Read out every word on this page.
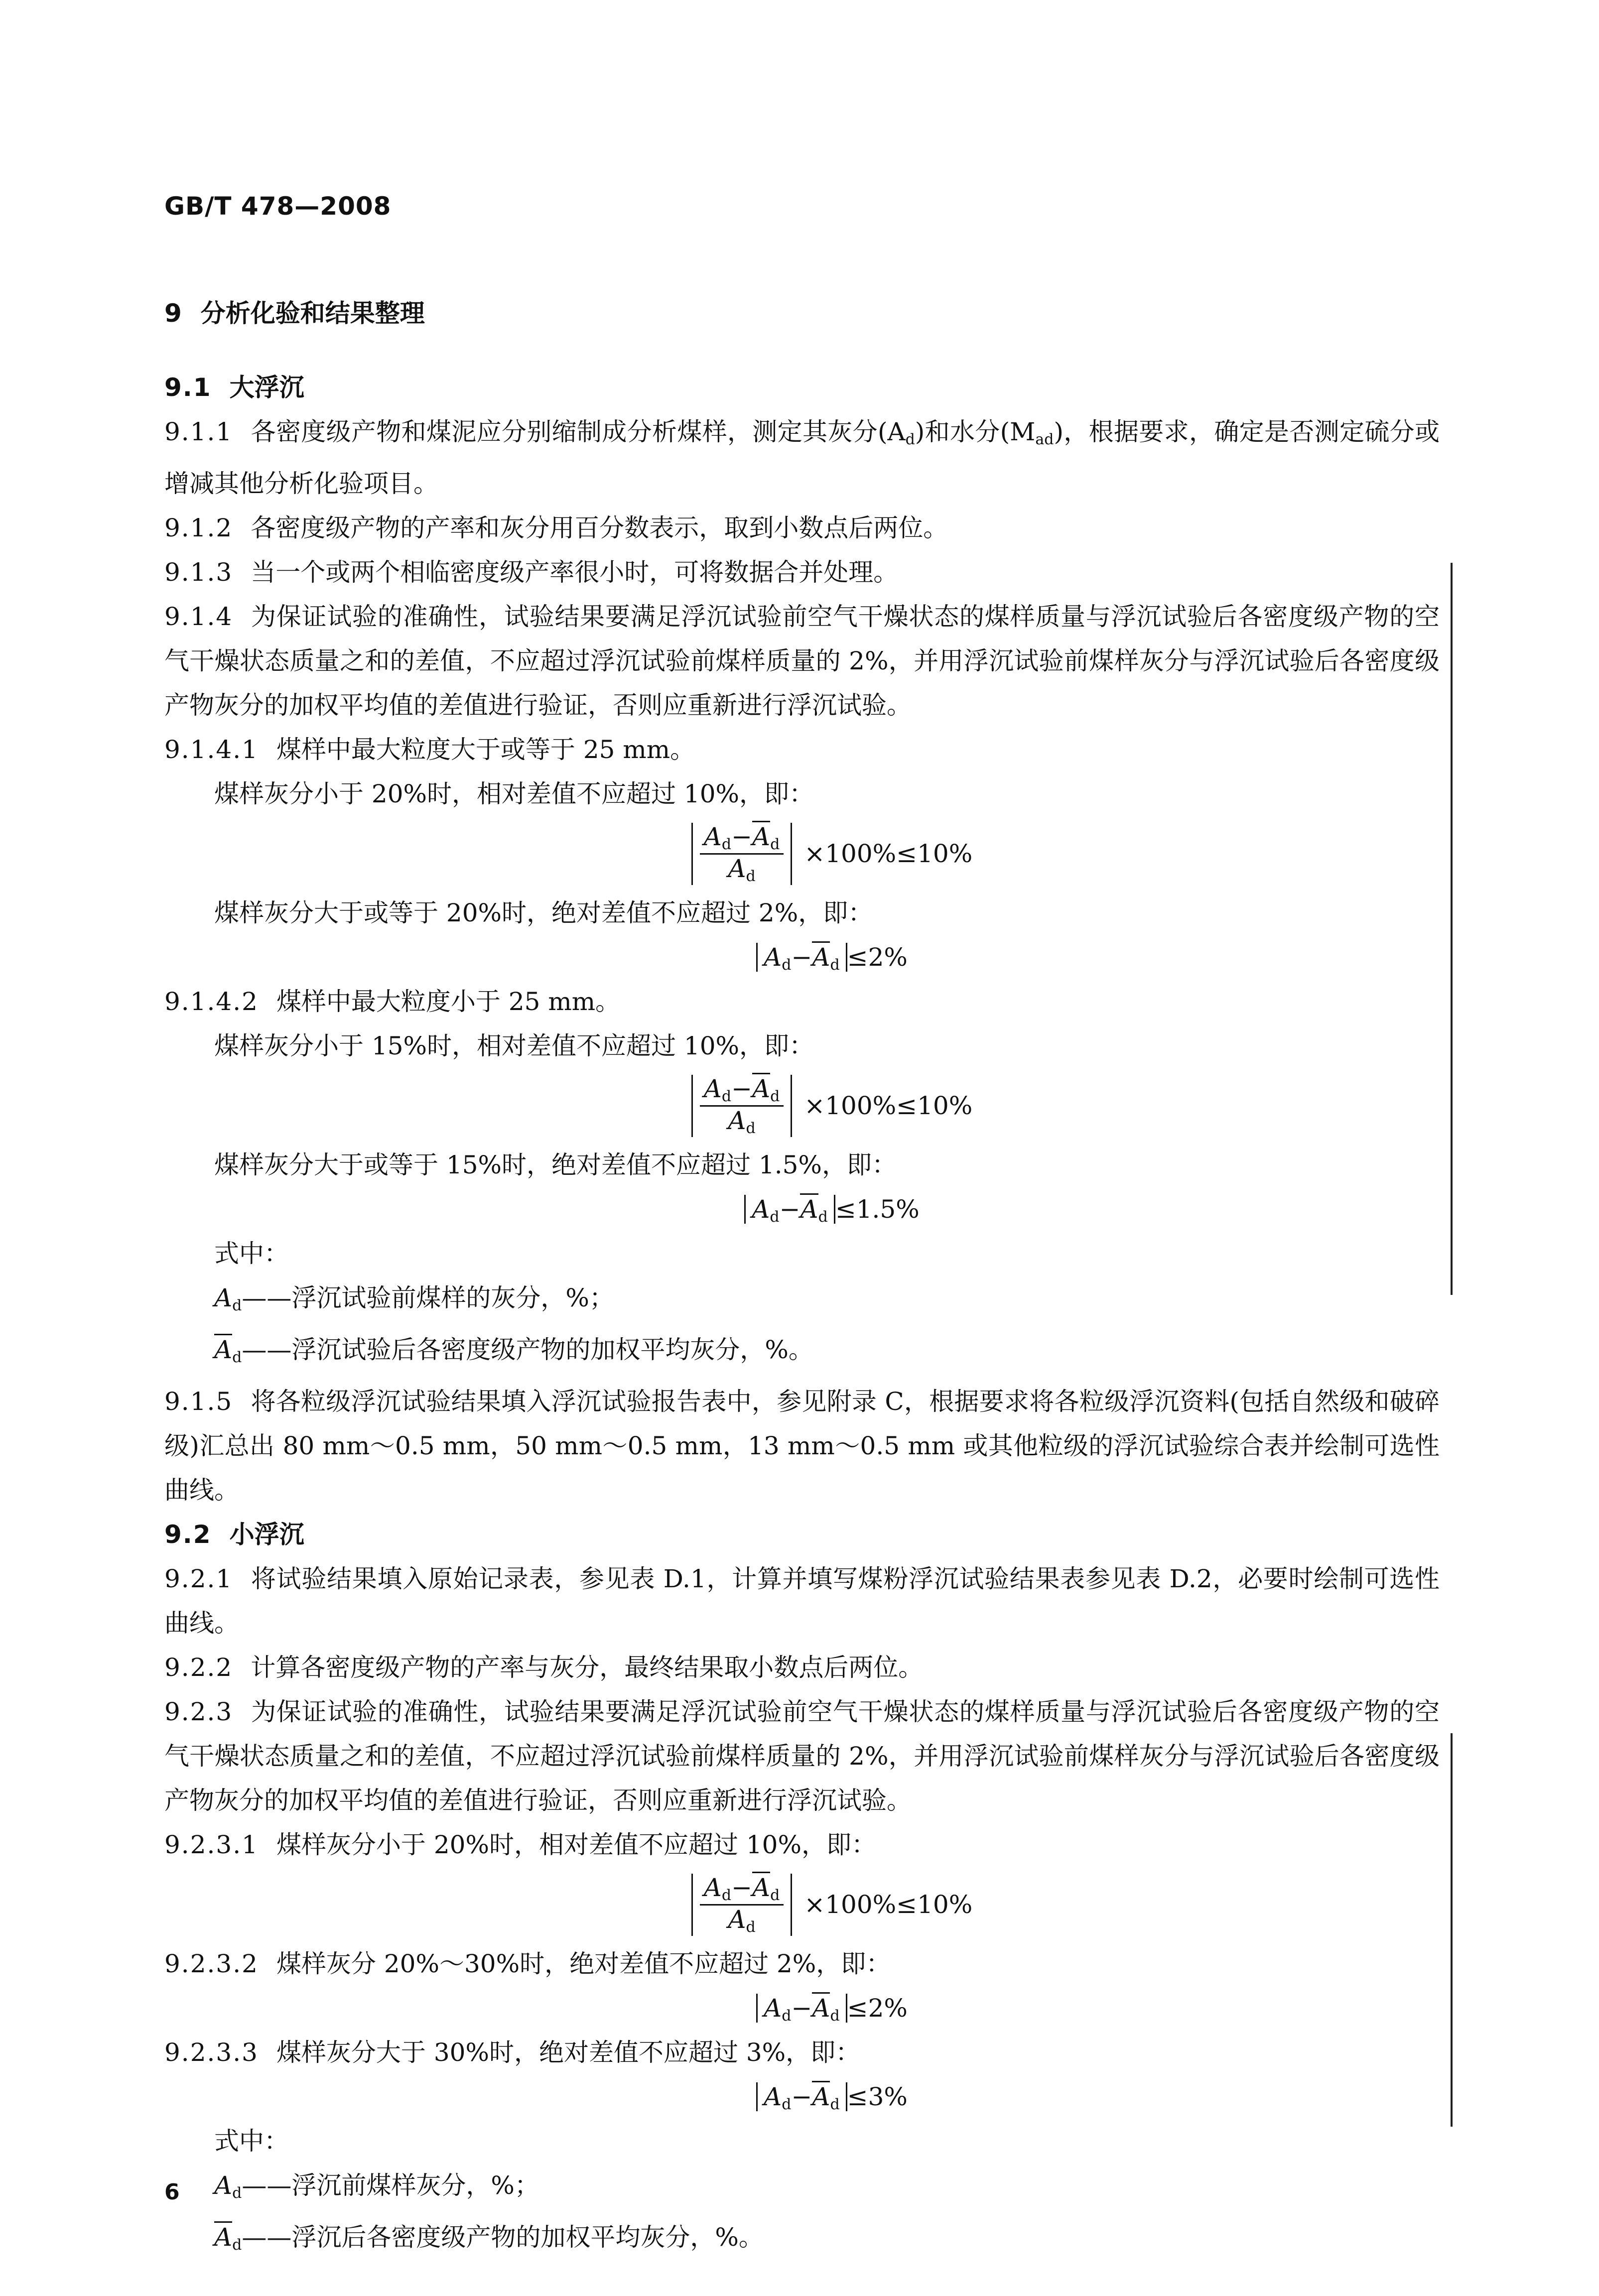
GB/T 478—2008

9 分析化验和结果整理

9.1 大浮沉

9.1.1 各密度级产物和煤泥应分别缩制成分析煤样，测定其灰分$(A_d)$和水分$(M_{ad})$，根据要求，确定是否测定硫分或增减其他分析化验项目。

9.1.2 各密度级产物的产率和灰分用百分数表示，取到小数点后两位。

9.1.3 当一个或两个相临密度级产率很小时，可将数据合并处理。

9.1.4 为保证试验的准确性，试验结果要满足浮沉试验前空气干燥状态的煤样质量与浮沉试验后各密度级产物的空气干燥状态质量之和的差值，不应超过浮沉试验前煤样质量的 2%，并用浮沉试验前煤样灰分与浮沉试验后各密度级产物灰分的加权平均值的差值进行验证，否则应重新进行浮沉试验。

9.1.4.1 煤样中最大粒度大于或等于 25 mm。

煤样灰分小于 20%时，相对差值不应超过 10%，即：

$\frac{A_d-A_d}{A_d} \times 100\%\le 10\%$

煤样灰分大于或等于 20%时，绝对差值不应超过 2%，即：

$A_d-A_d \le 2\%$

9.1.4.2 煤样中最大粒度小于 25 mm。

煤样灰分小于 15%时，相对差值不应超过 10%，即：

$\frac{A_d-A_d}{A_d} \times 100\%\le 10\%$

煤样灰分大于或等于 15%时，绝对差值不应超过 1.5%，即：

$A_d-A_d \le 1.5\%$

式中：

$A_d——$浮沉试验前煤样的灰分，%；

$A_d——$浮沉试验后各密度级产物的加权平均灰分，%。

9.1.5 将各粒级浮沉试验结果填入浮沉试验报告表中，参见附录 C，根据要求将各粒级浮沉资料(包括自然级和破碎级)汇总出 80 mm～0.5 mm，50 mm～0.5 mm，13 mm～0.5 mm 或其他粒级的浮沉试验综合表并绘制可选性曲线。

9.2 小浮沉

9.2.1 将试验结果填入原始记录表，参见表 D.1，计算并填写煤粉浮沉试验结果表参见表 D.2，必要时绘制可选性曲线。

9.2.2 计算各密度级产物的产率与灰分，最终结果取小数点后两位。

9.2.3 为保证试验的准确性，试验结果要满足浮沉试验前空气干燥状态的煤样质量与浮沉试验后各密度级产物的空气干燥状态质量之和的差值，不应超过浮沉试验前煤样质量的 2%，并用浮沉试验前煤样灰分与浮沉试验后各密度级产物灰分的加权平均值的差值进行验证，否则应重新进行浮沉试验。

9.2.3.1 煤样灰分小于 20%时，相对差值不应超过 10%，即：

$\frac{A_d-A_d}{A_d} \times 100\%\le 10\%$

9.2.3.2 煤样灰分 20%～30%时，绝对差值不应超过 2%，即：

$A_d-A_d \le 2\%$

9.2.3.3 煤样灰分大于 30%时，绝对差值不应超过 3%，即：

$A_d-A_d \le 3\%$

式中：

$A_d——$浮沉前煤样灰分，%；

$A_d——$浮沉后各密度级产物的加权平均灰分，%。

6
